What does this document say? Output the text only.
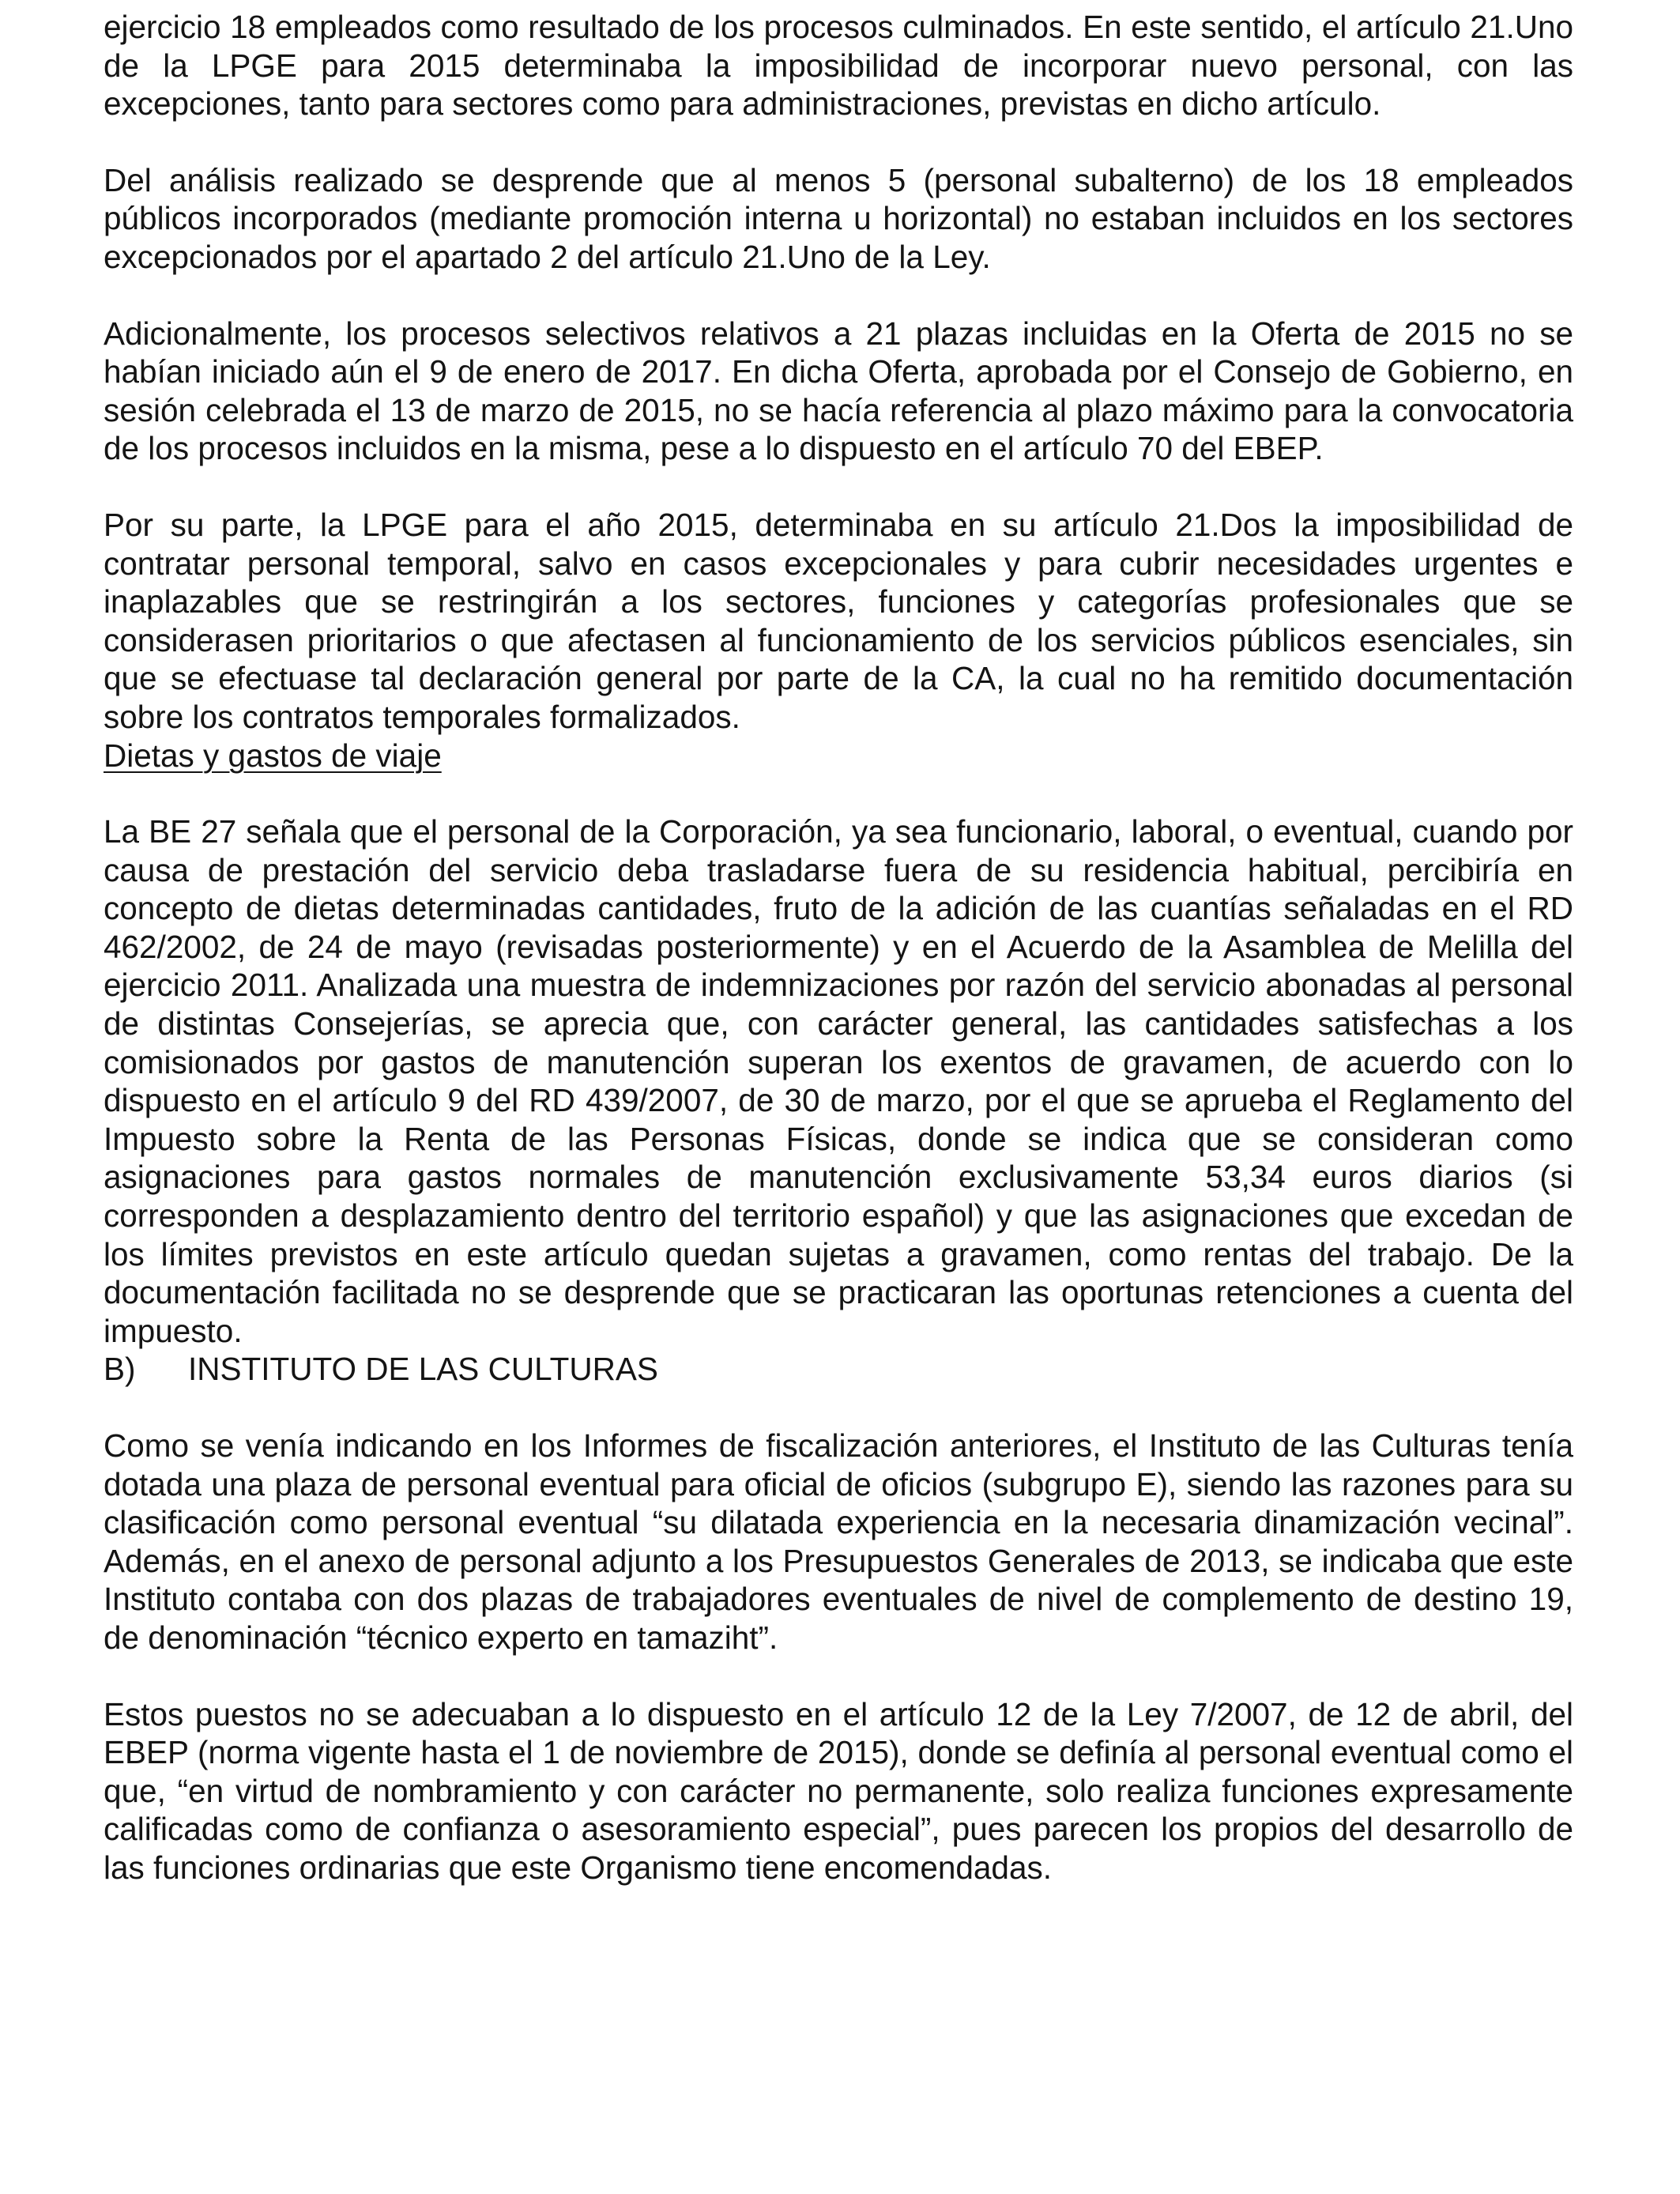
ejercicio 18 empleados como resultado de los procesos culminados. En este sentido, el artículo 21.Uno de la LPGE para 2015 determinaba la imposibilidad de incorporar nuevo personal, con las excepciones, tanto para sectores como para administraciones, previstas en dicho artículo.

Del análisis realizado se desprende que al menos 5 (personal subalterno) de los 18 empleados públicos incorporados (mediante promoción interna u horizontal) no estaban incluidos en los sectores excepcionados por el apartado 2 del artículo 21.Uno de la Ley.

Adicionalmente, los procesos selectivos relativos a 21 plazas incluidas en la Oferta de 2015 no se habían iniciado aún el 9 de enero de 2017. En dicha Oferta, aprobada por el Consejo de Gobierno, en sesión celebrada el 13 de marzo de 2015, no se hacía referencia al plazo máximo para la convocatoria de los procesos incluidos en la misma, pese a lo dispuesto en el artículo 70 del EBEP.

Por su parte, la LPGE para el año 2015, determinaba en su artículo 21.Dos la imposibilidad de contratar personal temporal, salvo en casos excepcionales y para cubrir necesidades urgentes e inaplazables que se restringirán a los sectores, funciones y categorías profesionales que se considerasen prioritarios o que afectasen al funcionamiento de los servicios públicos esenciales, sin que se efectuase tal declaración general por parte de la CA, la cual no ha remitido documentación sobre los contratos temporales formalizados.

Dietas y gastos de viaje

La BE 27 señala que el personal de la Corporación, ya sea funcionario, laboral, o eventual, cuando por causa de prestación del servicio deba trasladarse fuera de su residencia habitual, percibiría en concepto de dietas determinadas cantidades, fruto de la adición de las cuantías señaladas en el RD 462/2002, de 24 de mayo (revisadas posteriormente) y en el Acuerdo de la Asamblea de Melilla del ejercicio 2011. Analizada una muestra de indemnizaciones por razón del servicio abonadas al personal de distintas Consejerías, se aprecia que, con carácter general, las cantidades satisfechas a los comisionados por gastos de manutención superan los exentos de gravamen, de acuerdo con lo dispuesto en el artículo 9 del RD 439/2007, de 30 de marzo, por el que se aprueba el Reglamento del Impuesto sobre la Renta de las Personas Físicas, donde se indica que se consideran como asignaciones para gastos normales de manutención exclusivamente 53,34 euros diarios (si corresponden a desplazamiento dentro del territorio español) y que las asignaciones que excedan de los límites previstos en este artículo quedan sujetas a gravamen, como rentas del trabajo. De la documentación facilitada no se desprende que se practicaran las oportunas retenciones a cuenta del impuesto.

B)	INSTITUTO DE LAS CULTURAS

Como se venía indicando en los Informes de fiscalización anteriores, el Instituto de las Culturas tenía dotada una plaza de personal eventual para oficial de oficios (subgrupo E), siendo las razones para su clasificación como personal eventual “su dilatada experiencia en la necesaria dinamización vecinal”. Además, en el anexo de personal adjunto a los Presupuestos Generales de 2013, se indicaba que este Instituto contaba con dos plazas de trabajadores eventuales de nivel de complemento de destino 19, de denominación “técnico experto en tamaziht”.

Estos puestos no se adecuaban a lo dispuesto en el artículo 12 de la Ley 7/2007, de 12 de abril, del EBEP (norma vigente hasta el 1 de noviembre de 2015), donde se definía al personal eventual como el que, “en virtud de nombramiento y con carácter no permanente, solo realiza funciones expresamente calificadas como de confianza o asesoramiento especial”, pues parecen los propios del desarrollo de las funciones ordinarias que este Organismo tiene encomendadas.
